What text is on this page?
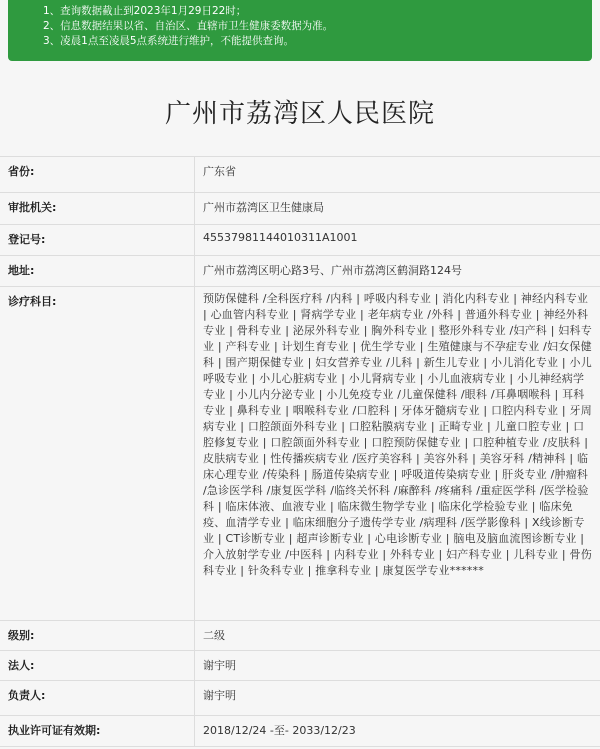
1、查询数据截止到2023年1月29日22时；
2、信息数据结果以省、自治区、直辖市卫生健康委数据为准。
3、凌晨1点至凌晨5点系统进行维护，不能提供查询。
广州市荔湾区人民医院
省份:	广东省
审批机关:	广州市荔湾区卫生健康局
登记号:	45537981144010311A1001
地址:	广州市荔湾区明心路3号、广州市荔湾区鹤洞路124号
诊疗科目:	预防保健科 /全科医疗科 /内科 | 呼吸内科专业 | 消化内科专业 | 神经内科专业 | 心血管内科专业 | 肾病学专业 | 老年病专业 /外科 | 普通外科专业 | 神经外科专业 | 骨科专业 | 泌尿外科专业 | 胸外科专业 | 整形外科专业 /妇产科 | 妇科专业 | 产科专业 | 计划生育专业 | 优生学专业 | 生殖健康与不孕症专业 /妇女保健科 | 围产期保健专业 | 妇女营养专业 /儿科 | 新生儿专业 | 小儿消化专业 | 小儿呼吸专业 | 小儿心脏病专业 | 小儿肾病专业 | 小儿血液病专业 | 小儿神经病学专业 | 小儿内分泌专业 | 小儿免疫专业 /儿童保健科 /眼科 /耳鼻咽喉科 | 耳科专业 | 鼻科专业 | 咽喉科专业 /口腔科 | 牙体牙髓病专业 | 口腔内科专业 | 牙周病专业 | 口腔颌面外科专业 | 口腔粘膜病专业 | 正畸专业 | 儿童口腔专业 | 口腔修复专业 | 口腔颌面外科专业 | 口腔预防保健专业 | 口腔种植专业 /皮肤科 | 皮肤病专业 | 性传播疾病专业 /医疗美容科 | 美容外科 | 美容牙科 /精神科 | 临床心理专业 /传染科 | 肠道传染病专业 | 呼吸道传染病专业 | 肝炎专业 /肿瘤科 /急诊医学科 /康复医学科 /临终关怀科 /麻醉科 /疼痛科 /重症医学科 /医学检验科 | 临床体液、血液专业 | 临床微生物学专业 | 临床化学检验专业 | 临床免疫、血清学专业 | 临床细胞分子遗传学专业 /病理科 /医学影像科 | X线诊断专业 | CT诊断专业 | 超声诊断专业 | 心电诊断专业 | 脑电及脑血流图诊断专业 | 介入放射学专业 /中医科 | 内科专业 | 外科专业 | 妇产科专业 | 儿科专业 | 骨伤科专业 | 针灸科专业 | 推拿科专业 | 康复医学专业******
级别:	二级
法人:	谢宇明
负责人:	谢宇明
执业许可证有效期:	2018/12/24 -至- 2033/12/23
